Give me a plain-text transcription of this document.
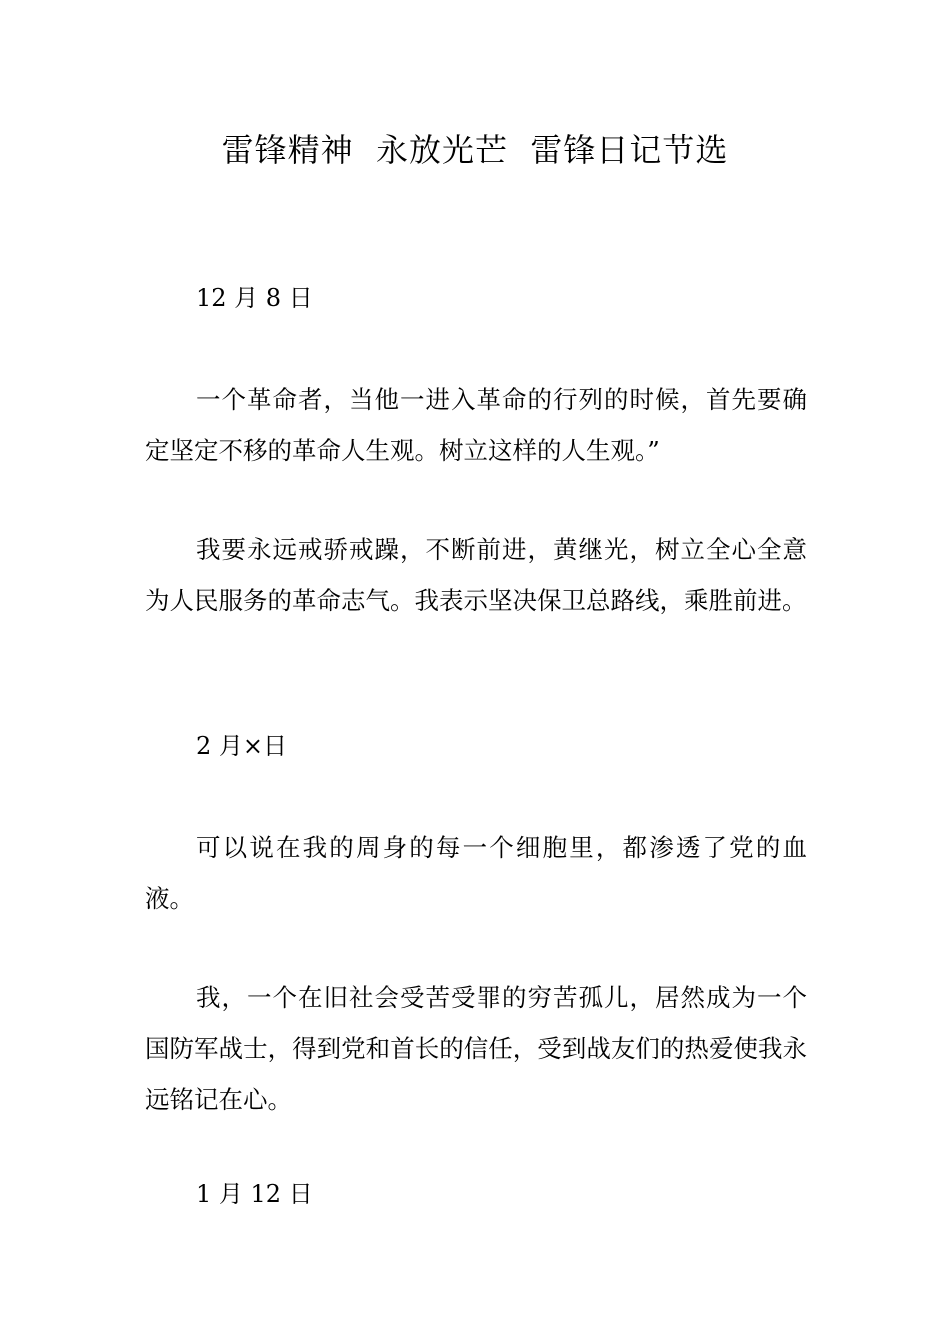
雷锋精神  永放光芒  雷锋日记节选
12 月 8 日

一个革命者，当他一进入革命的行列的时候，首先要确定坚定不移的革命人生观。树立这样的人生观。”

我要永远戒骄戒躁，不断前进，黄继光，树立全心全意为人民服务的革命志气。我表示坚决保卫总路线，乘胜前进。

2 月×日

可以说在我的周身的每一个细胞里，都渗透了党的血液。

我，一个在旧社会受苦受罪的穷苦孤儿，居然成为一个国防军战士，得到党和首长的信任，受到战友们的热爱使我永远铭记在心。

1 月 12 日
